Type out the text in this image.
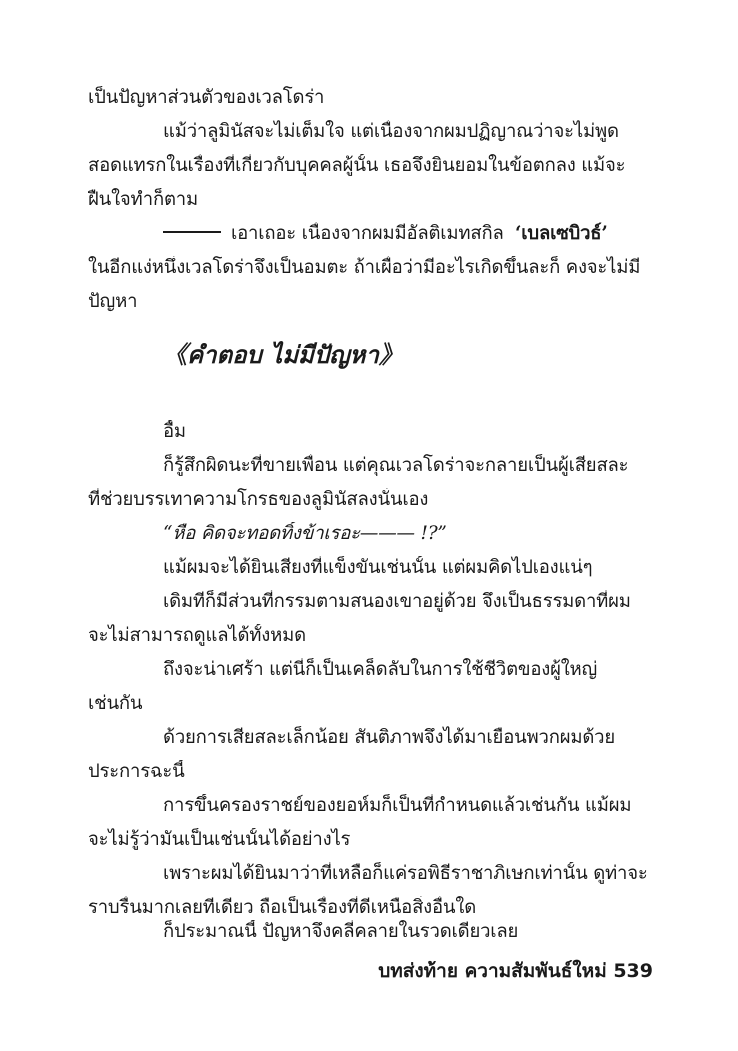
เป็นปัญหาส่วนตัวของเวลโดร่า
แม้ว่าลูมินัสจะไม่เต็มใจ แต่เนื่องจากผมปฏิญาณว่าจะไม่พูด
สอดแทรกในเรื่องที่เกี่ยวกับบุคคลผู้นั้น เธอจึงยินยอมในข้อตกลง แม้จะ
ฝืนใจทำก็ตาม
เอาเถอะ เนื่องจากผมมีอัลติเมทสกิล ‘เบลเซบิวธ์’
ในอีกแง่หนึ่งเวลโดร่าจึงเป็นอมตะ ถ้าเผื่อว่ามีอะไรเกิดขึ้นละก็ คงจะไม่มี
ปัญหา
《คำตอบ ไม่มีปัญหา》
อื้ม
ก็รู้สึกผิดนะที่ขายเพื่อน แต่คุณเวลโดร่าจะกลายเป็นผู้เสียสละ
ที่ช่วยบรรเทาความโกรธของลูมินัสลงนั่นเอง
“หือ คิดจะทอดทิ้งข้าเรอะ——— !?”
แม้ผมจะได้ยินเสียงที่แข็งขันเช่นนั้น แต่ผมคิดไปเองแน่ๆ
เดิมทีก็มีส่วนที่กรรมตามสนองเขาอยู่ด้วย จึงเป็นธรรมดาที่ผม
จะไม่สามารถดูแลได้ทั้งหมด
ถึงจะน่าเศร้า แต่นี่ก็เป็นเคล็ดลับในการใช้ชีวิตของผู้ใหญ่
เช่นกัน
ด้วยการเสียสละเล็กน้อย สันติภาพจึงได้มาเยือนพวกผมด้วย
ประการฉะนี้
การขึ้นครองราชย์ของยอห์มก็เป็นที่กำหนดแล้วเช่นกัน แม้ผม
จะไม่รู้ว่ามันเป็นเช่นนั้นได้อย่างไร
เพราะผมได้ยินมาว่าที่เหลือก็แค่รอพิธีราชาภิเษกเท่านั้น ดูท่าจะ
ราบรื่นมากเลยทีเดียว ถือเป็นเรื่องที่ดีเหนือสิ่งอื่นใด
ก็ประมาณนี้ ปัญหาจึงคลี่คลายในรวดเดียวเลย
บทส่งท้าย ความสัมพันธ์ใหม่ 539
